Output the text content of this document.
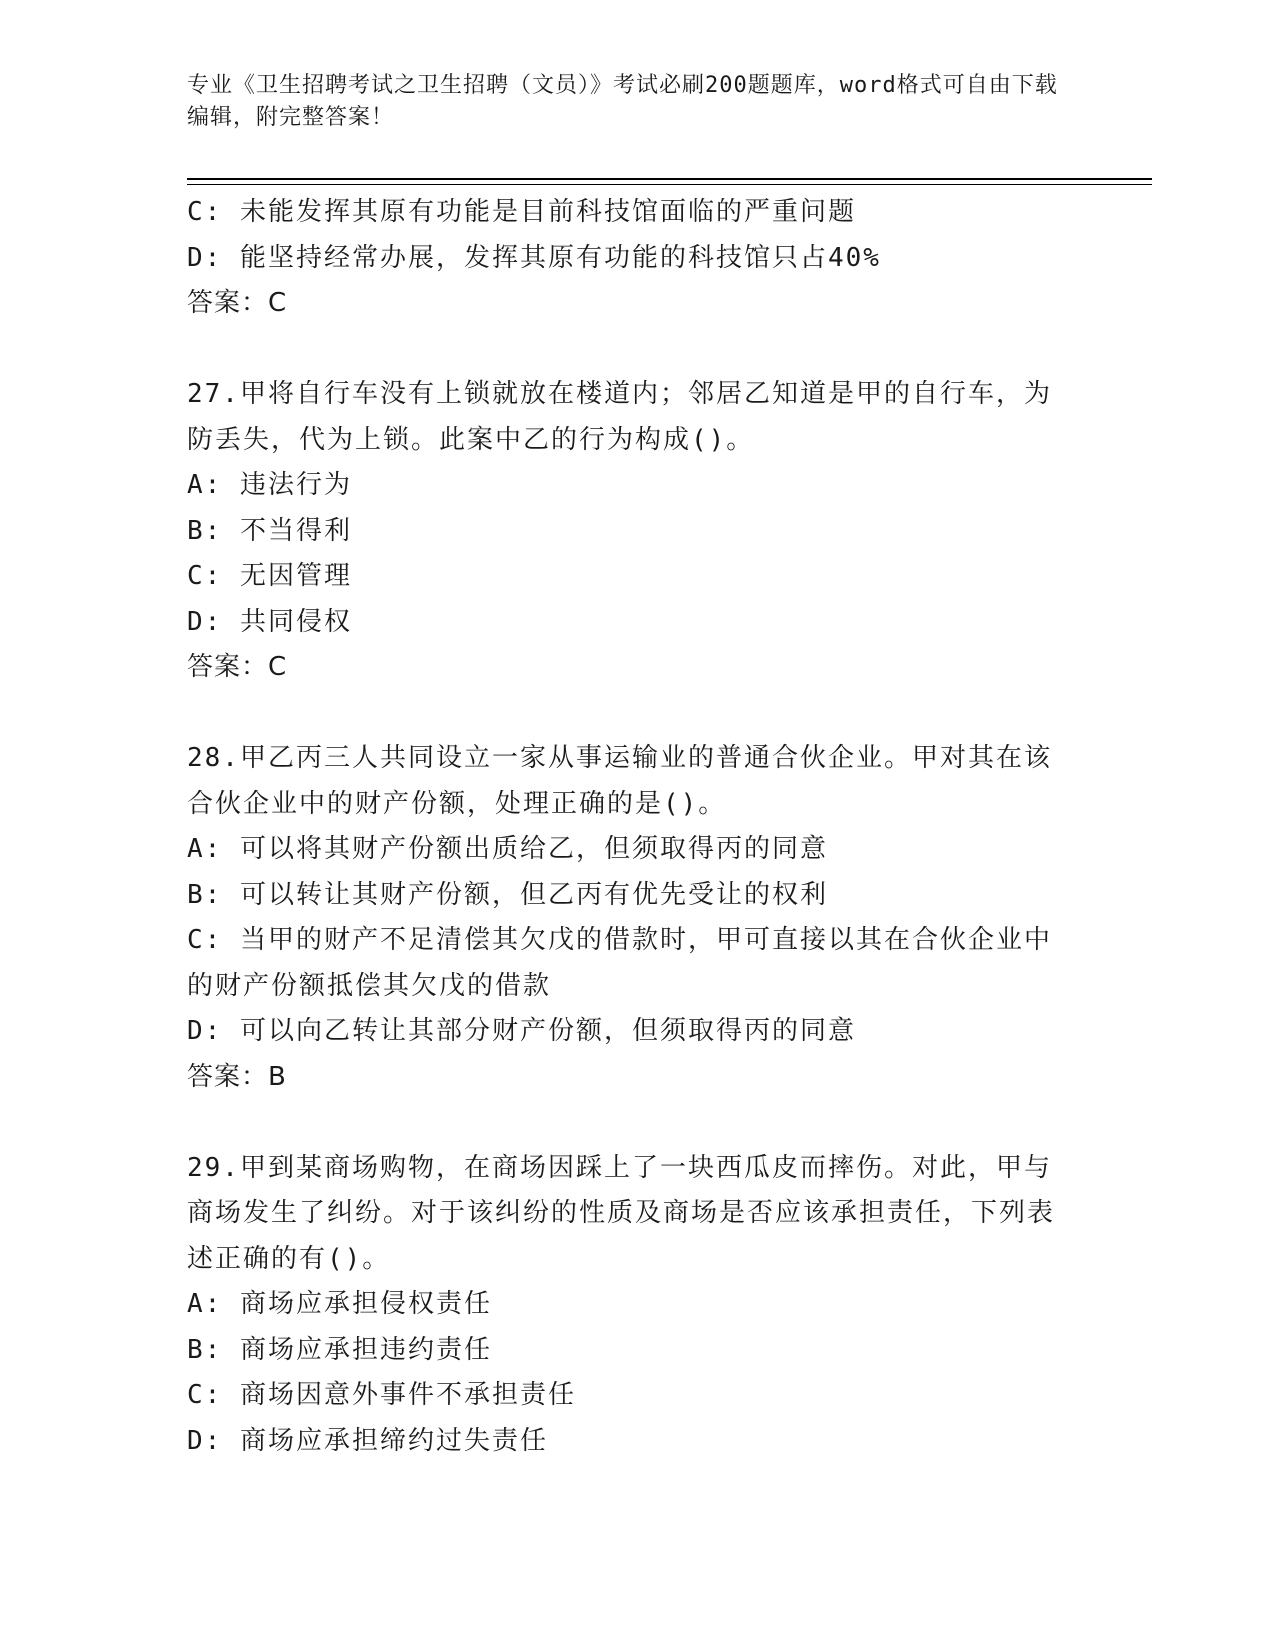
专业《卫生招聘考试之卫生招聘（文员）》考试必刷200题题库，word格式可自由下载编辑，附完整答案！
C: 未能发挥其原有功能是目前科技馆面临的严重问题
D: 能坚持经常办展，发挥其原有功能的科技馆只占40%
答案：C
27.甲将自行车没有上锁就放在楼道内；邻居乙知道是甲的自行车，为防丢失，代为上锁。此案中乙的行为构成()。
A: 违法行为
B: 不当得利
C: 无因管理
D: 共同侵权
答案：C
28.甲乙丙三人共同设立一家从事运输业的普通合伙企业。甲对其在该合伙企业中的财产份额，处理正确的是()。
A: 可以将其财产份额出质给乙，但须取得丙的同意
B: 可以转让其财产份额，但乙丙有优先受让的权利
C: 当甲的财产不足清偿其欠戊的借款时，甲可直接以其在合伙企业中的财产份额抵偿其欠戊的借款
D: 可以向乙转让其部分财产份额，但须取得丙的同意
答案：B
29.甲到某商场购物，在商场因踩上了一块西瓜皮而摔伤。对此，甲与商场发生了纠纷。对于该纠纷的性质及商场是否应该承担责任，下列表述正确的有()。
A: 商场应承担侵权责任
B: 商场应承担违约责任
C: 商场因意外事件不承担责任
D: 商场应承担缔约过失责任
